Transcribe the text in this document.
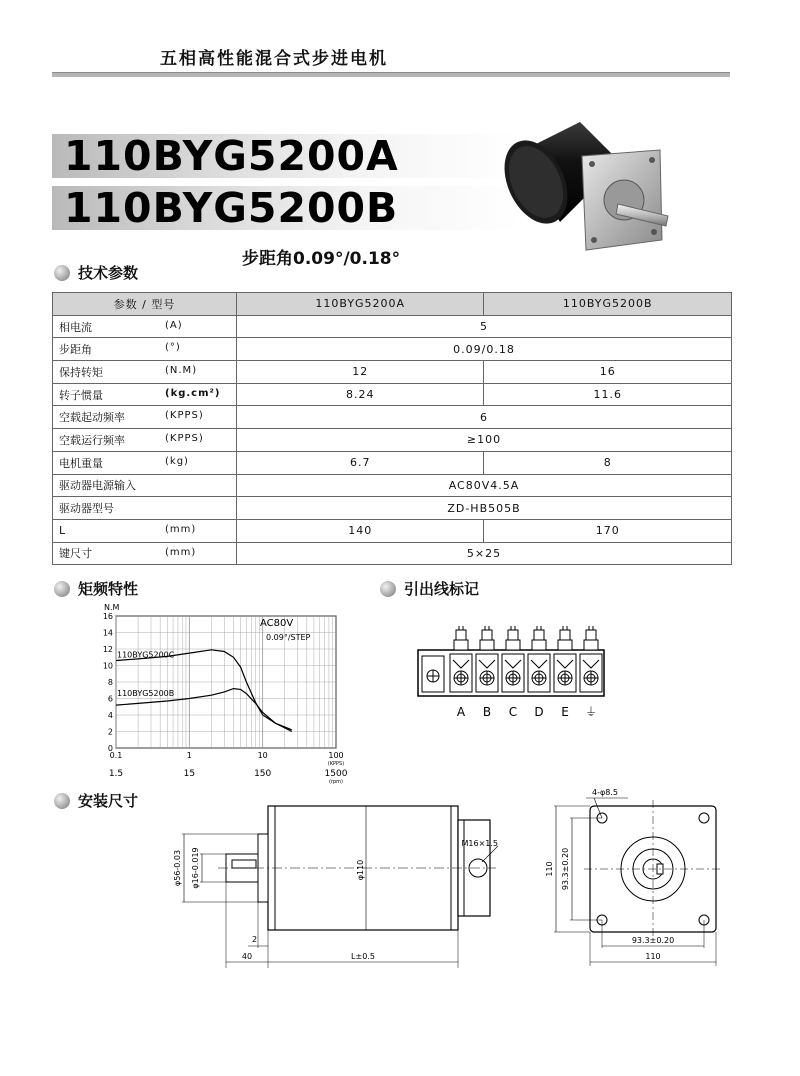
五相高性能混合式步进电机
110BYG5200A
110BYG5200B
步距角0.09°/0.18°
技术参数
参数 / 型号	110BYG5200A	110BYG5200B
相电流 (A)	5	
步距角 (°)	0.09/0.18	
保持转矩 (N.M)	12	16
转子惯量 (kg.cm²)	8.24	11.6
空载起动频率 (KPPS)	6	
空载运行频率 (KPPS)	≥100	
电机重量 (kg)	6.7	8
驱动器电源输入	AC80V4.5A	
驱动器型号	ZD-HB505B	
L (mm)	140	170
键尺寸 (mm)	5×25	
矩频特性	引出线标记
安装尺寸
0
2
4
6
8
10
12
14
16
N.M
0.1
1.5
1
15
10
150
100
1500
(KPPS)
(rpm)
AC80V
0.09°/STEP
110BYG5200C
110BYG5200B
A B C D E ⏚
φ56-0.03 φ16-0.019	φ110
M16×1.5
2
40	L±0.5
4-φ8.5
110 93.3±0.20
93.3±0.20
110
